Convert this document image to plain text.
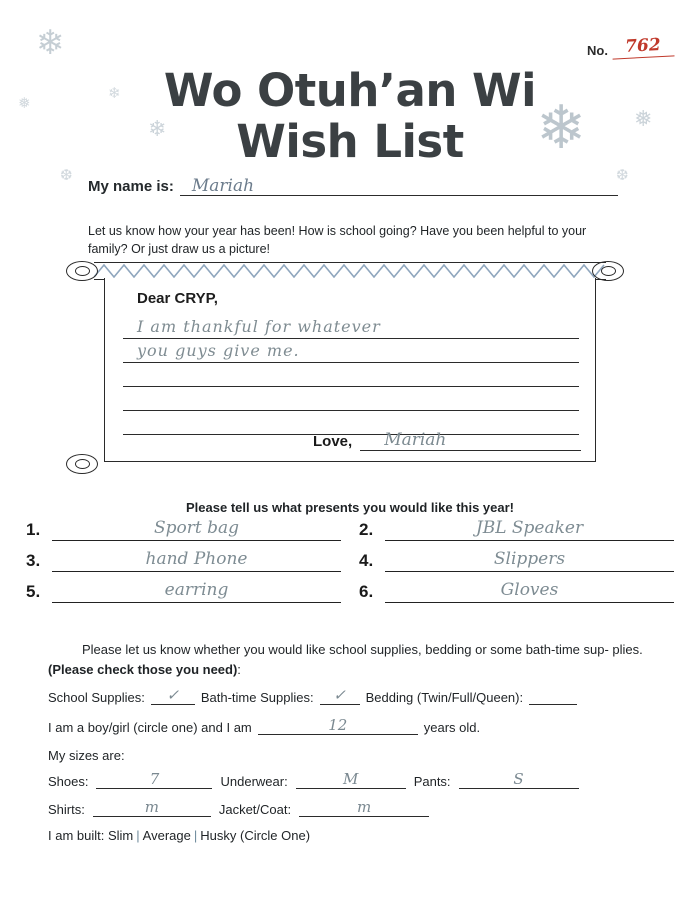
❄
❅
❄
❆
❄ ❅
❆
❄
No. 762
Wo Otuh’an Wi
Wish List
My name is:	Mariah
Let us know how your year has been! How is school going? Have you been helpful to your family? Or just draw us a picture!
Dear CRYP,
I am thankful for whatever
you guys give me.
Love,	Mariah
Please tell us what presents you would like this year!
1.	Sport bag	2.	JBL Speaker
3.	hand Phone	4.	Slippers
5.	earring	6.	Gloves
Please let us know whether you would like school supplies, bedding or some bath-time sup- plies. (Please check those you need):
School Supplies:	✓	Bath-time Supplies:	✓	Bedding (Twin/Full/Queen):
I am a boy/girl (circle one) and I am	12	years old.
My sizes are:
Shoes:	7	Underwear:	M	Pants:	S
Shirts:	m	Jacket/Coat:	m
I am built: Slim | Average | Husky (Circle One)
